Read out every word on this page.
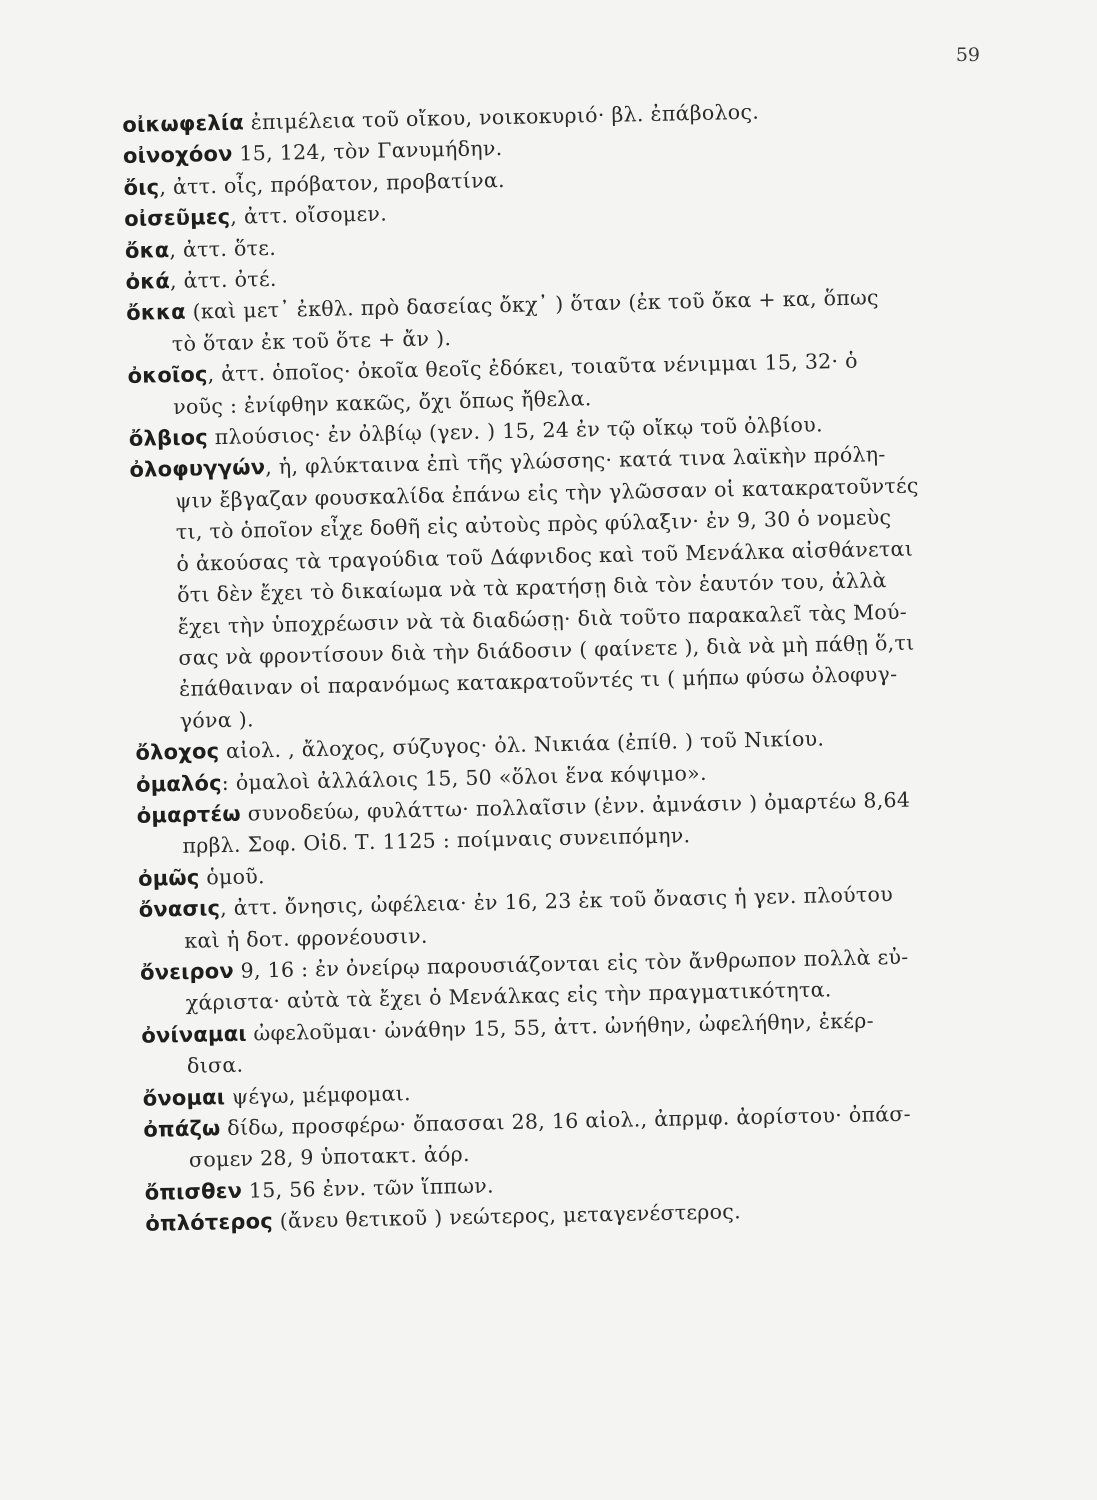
59
οἰκωφελία ἐπιμέλεια τοῦ οἴκου, νοικοκυριό· βλ. ἐπάβολος.
οἰνοχόον 15, 124, τὸν Γανυμήδην.
ὄις, ἀττ. οἶς, πρόβατον, προβατίνα.
οἰσεῦμες, ἀττ. οἴσομεν.
ὄκα, ἀττ. ὅτε.
ὀκά, ἀττ. ὀτέ.
ὄκκα (καὶ μετ᾽ ἐκθλ. πρὸ δασείας ὄκχ᾽ ) ὅταν (ἐκ τοῦ ὄκα + κα, ὅπως
τὸ ὅταν ἐκ τοῦ ὅτε + ἄν ).
ὀκοῖος, ἀττ. ὁποῖος· ὀκοῖα θεοῖς ἐδόκει, τοιαῦτα νένιμμαι 15, 32· ὁ
νοῦς : ἐνίφθην κακῶς, ὄχι ὅπως ἤθελα.
ὄλβιος πλούσιος· ἐν ὀλβίῳ (γεν. ) 15, 24 ἐν τῷ οἴκῳ τοῦ ὀλβίου.
ὀλοφυγγών, ἡ, φλύκταινα ἐπὶ τῆς γλώσσης· κατά τινα λαϊκὴν πρόλη-
ψιν ἔβγαζαν φουσκαλίδα ἐπάνω εἰς τὴν γλῶσσαν οἱ κατακρατοῦντές
τι, τὸ ὁποῖον εἶχε δοθῆ εἰς αὐτοὺς πρὸς φύλαξιν· ἐν 9, 30 ὁ νομεὺς
ὁ ἀκούσας τὰ τραγούδια τοῦ Δάφνιδος καὶ τοῦ Μενάλκα αἰσθάνεται
ὅτι δὲν ἔχει τὸ δικαίωμα νὰ τὰ κρατήσῃ διὰ τὸν ἑαυτόν του, ἀλλὰ
ἔχει τὴν ὑποχρέωσιν νὰ τὰ διαδώσῃ· διὰ τοῦτο παρακαλεῖ τὰς Μού-
σας νὰ φροντίσουν διὰ τὴν διάδοσιν ( φαίνετε ), διὰ νὰ μὴ πάθῃ ὅ,τι
ἐπάθαιναν οἱ παρανόμως κατακρατοῦντές τι ( μήπω φύσω ὀλοφυγ-
γόνα ).
ὄλοχος αἰολ. , ἄλοχος, σύζυγος· ὀλ. Νικιάα (ἐπίθ. ) τοῦ Νικίου.
ὀμαλός: ὀμαλοὶ ἀλλάλοις 15, 50 «ὅλοι ἕνα κόψιμο».
ὀμαρτέω συνοδεύω, φυλάττω· πολλαῖσιν (ἐνν. ἀμνάσιν ) ὀμαρτέω 8,64
πρβλ. Σοφ. Οἰδ. Τ. 1125 : ποίμναις συνειπόμην.
ὀμῶς ὁμοῦ.
ὄνασις, ἀττ. ὄνησις, ὠφέλεια· ἐν 16, 23 ἐκ τοῦ ὄνασις ἡ γεν. πλούτου
καὶ ἡ δοτ. φρονέουσιν.
ὄνειρον 9, 16 : ἐν ὀνείρῳ παρουσιάζονται εἰς τὸν ἄνθρωπον πολλὰ εὐ-
χάριστα· αὐτὰ τὰ ἔχει ὁ Μενάλκας εἰς τὴν πραγματικότητα.
ὀνίναμαι ὠφελοῦμαι· ὠνάθην 15, 55, ἀττ. ὠνήθην, ὠφελήθην, ἐκέρ-
δισα.
ὄνομαι ψέγω, μέμφομαι.
ὀπάζω δίδω, προσφέρω· ὄπασσαι 28, 16 αἰολ., ἀπρμφ. ἀορίστου· ὀπάσ-
σομεν 28, 9 ὑποτακτ. ἀόρ.
ὄπισθεν 15, 56 ἐνν. τῶν ἵππων.
ὀπλότερος (ἄνευ θετικοῦ ) νεώτερος, μεταγενέστερος.
